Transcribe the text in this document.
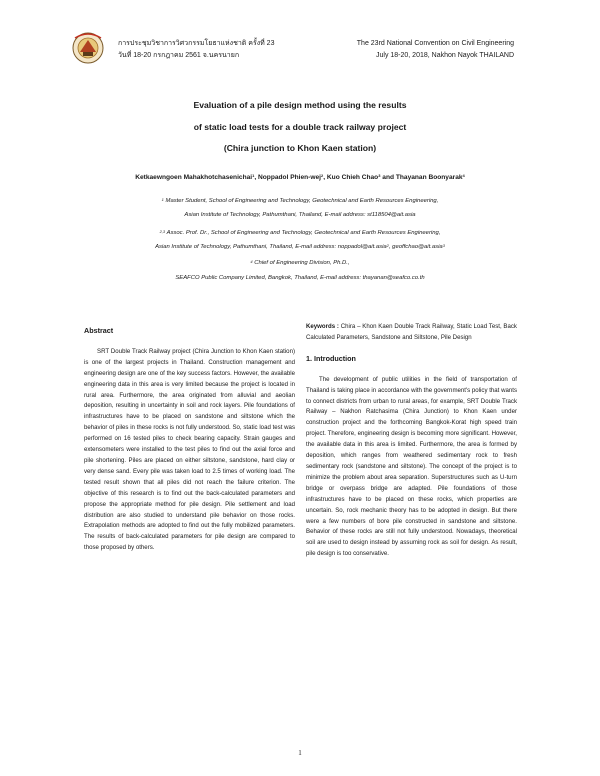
การประชุมวิชาการวิศวกรรมโยธาแห่งชาติ ครั้งที่ 23
วันที่ 18-20 กรกฎาคม 2561 จ.นครนายก
The 23rd National Convention on Civil Engineering
July 18-20, 2018, Nakhon Nayok THAILAND
Evaluation of a pile design method using the results
of static load tests for a double track railway project
(Chira junction to Khon Kaen station)
Ketkaewngoen Mahakhotchasenichai$^1$, Noppadol Phien-wej$^2$, Kuo Chieh Chao$^3$ and Thayanan Boonyarak$^4$
$^1$ Master Student, School of Engineering and Technology, Geotechnical and Earth Resources Engineering,
Asian Institute of Technology, Pathumthani, Thailand, E-mail address: st118504@ait.asia
$^{2,3}$ Assoc. Prof. Dr., School of Engineering and Technology, Geotechnical and Earth Resources Engineering,
Asian Institute of Technology, Pathumthani, Thailand, E-mail address: noppadol@ait.asia$^2$, geoffchao@ait.asia$^3$
$^4$ Chief of Engineering Division, Ph.D.,
SEAFCO Public Company Limited, Bangkok, Thailand, E-mail address: thayanan@seafco.co.th
Abstract

SRT Double Track Railway project (Chira Junction to Khon Kaen station) is one of the largest projects in Thailand. Construction management and engineering design are one of the key success factors. However, the available engineering data in this area is very limited because the project is located in rural area. Furthermore, the area originated from alluvial and aeolian deposition, resulting in uncertainty in soil and rock layers. Pile foundations of infrastructures have to be placed on sandstone and siltstone which the behavior of piles in these rocks is not fully understood. So, static load test was performed on 16 tested piles to check bearing capacity. Strain gauges and extensometers were installed to the test piles to find out the axial force and pile shortening. Piles are placed on either siltstone, sandstone, hard clay or very dense sand. Every pile was taken load to 2.5 times of working load. The tested result shown that all piles did not reach the failure criterion. The objective of this research is to find out the back-calculated parameters and propose the appropriate method for pile design. Pile settlement and load distribution are also studied to understand pile behavior on those rocks. Extrapolation methods are adopted to find out the fully mobilized parameters. The results of back-calculated parameters for pile design are compared to those proposed by others.

Keywords : Chira – Khon Kaen Double Track Railway, Static Load Test, Back Calculated Parameters, Sandstone and Siltstone, Pile Design

1. Introduction

The development of public utilities in the field of transportation of Thailand is taking place in accordance with the government's policy that wants to connect districts from urban to rural areas, for example, SRT Double Track Railway – Nakhon Ratchasima (Chira Junction) to Khon Kaen under construction project and the forthcoming Bangkok-Korat high speed train project. Therefore, engineering design is becoming more significant. However, the available data in this area is limited. Furthermore, the area is formed by deposition, which ranges from weathered sedimentary rock to fresh sedimentary rock (sandstone and siltstone). The concept of the project is to minimize the problem about area separation. Superstructures such as U-turn bridge or overpass bridge are adapted. Pile foundations of those infrastructures have to be placed on these rocks, which properties are uncertain. So, rock mechanic theory has to be adopted in design. But there were a few numbers of bore pile constructed in sandstone and siltstone. Behavior of these rocks are still not fully understood. Nowadays, theoretical soil are used to design instead by assuming rock as soil for design. As result, pile design is too conservative.

1
